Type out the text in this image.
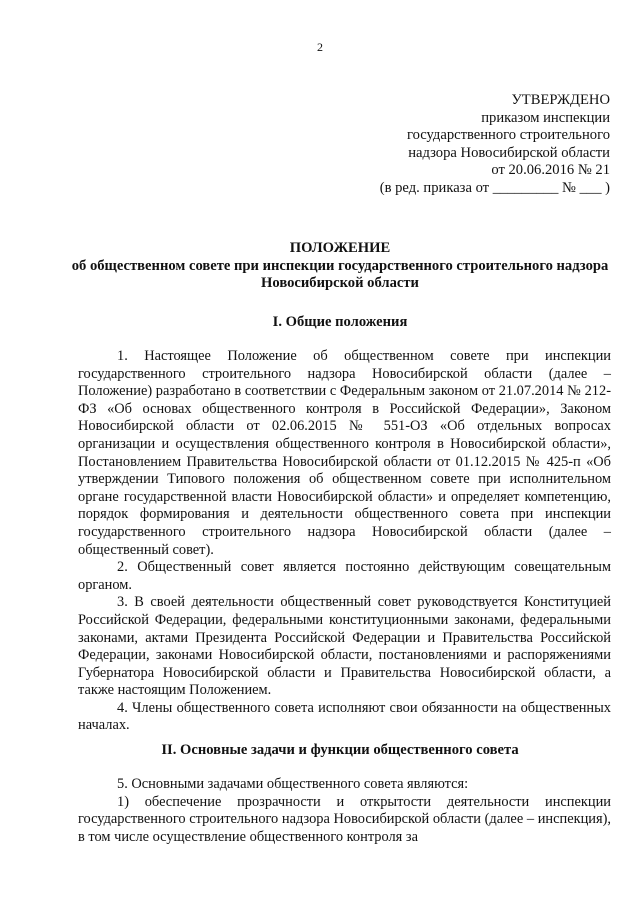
2
УТВЕРЖДЕНО
приказом инспекции
государственного строительного
надзора Новосибирской области
от 20.06.2016 № 21
(в ред. приказа от _________ № ___ )
ПОЛОЖЕНИЕ
об общественном совете при инспекции государственного строительного надзора Новосибирской области
I. Общие положения

1. Настоящее Положение об общественном совете при инспекции государственного строительного надзора Новосибирской области (далее – Положение) разработано в соответствии с Федеральным законом от 21.07.2014 № 212-ФЗ «Об основах общественного контроля в Российской Федерации», Законом Новосибирской области от 02.06.2015 № 551-ОЗ «Об отдельных вопросах организации и осуществления общественного контроля в Новосибирской области», Постановлением Правительства Новосибирской области от 01.12.2015 № 425-п «Об утверждении Типового положения об общественном совете при исполнительном органе государственной власти Новосибирской области» и определяет компетенцию, порядок формирования и деятельности общественного совета при инспекции государственного строительного надзора Новосибирской области (далее – общественный совет).

2. Общественный совет является постоянно действующим совещательным органом.

3. В своей деятельности общественный совет руководствуется Конституцией Российской Федерации, федеральными конституционными законами, федеральными законами, актами Президента Российской Федерации и Правительства Российской Федерации, законами Новосибирской области, постановлениями и распоряжениями Губернатора Новосибирской области и Правительства Новосибирской области, а также настоящим Положением.

4. Члены общественного совета исполняют свои обязанности на общественных началах.

II. Основные задачи и функции общественного совета

5. Основными задачами общественного совета являются:

1) обеспечение прозрачности и открытости деятельности инспекции государственного строительного надзора Новосибирской области (далее – инспекция), в том числе осуществление общественного контроля за
